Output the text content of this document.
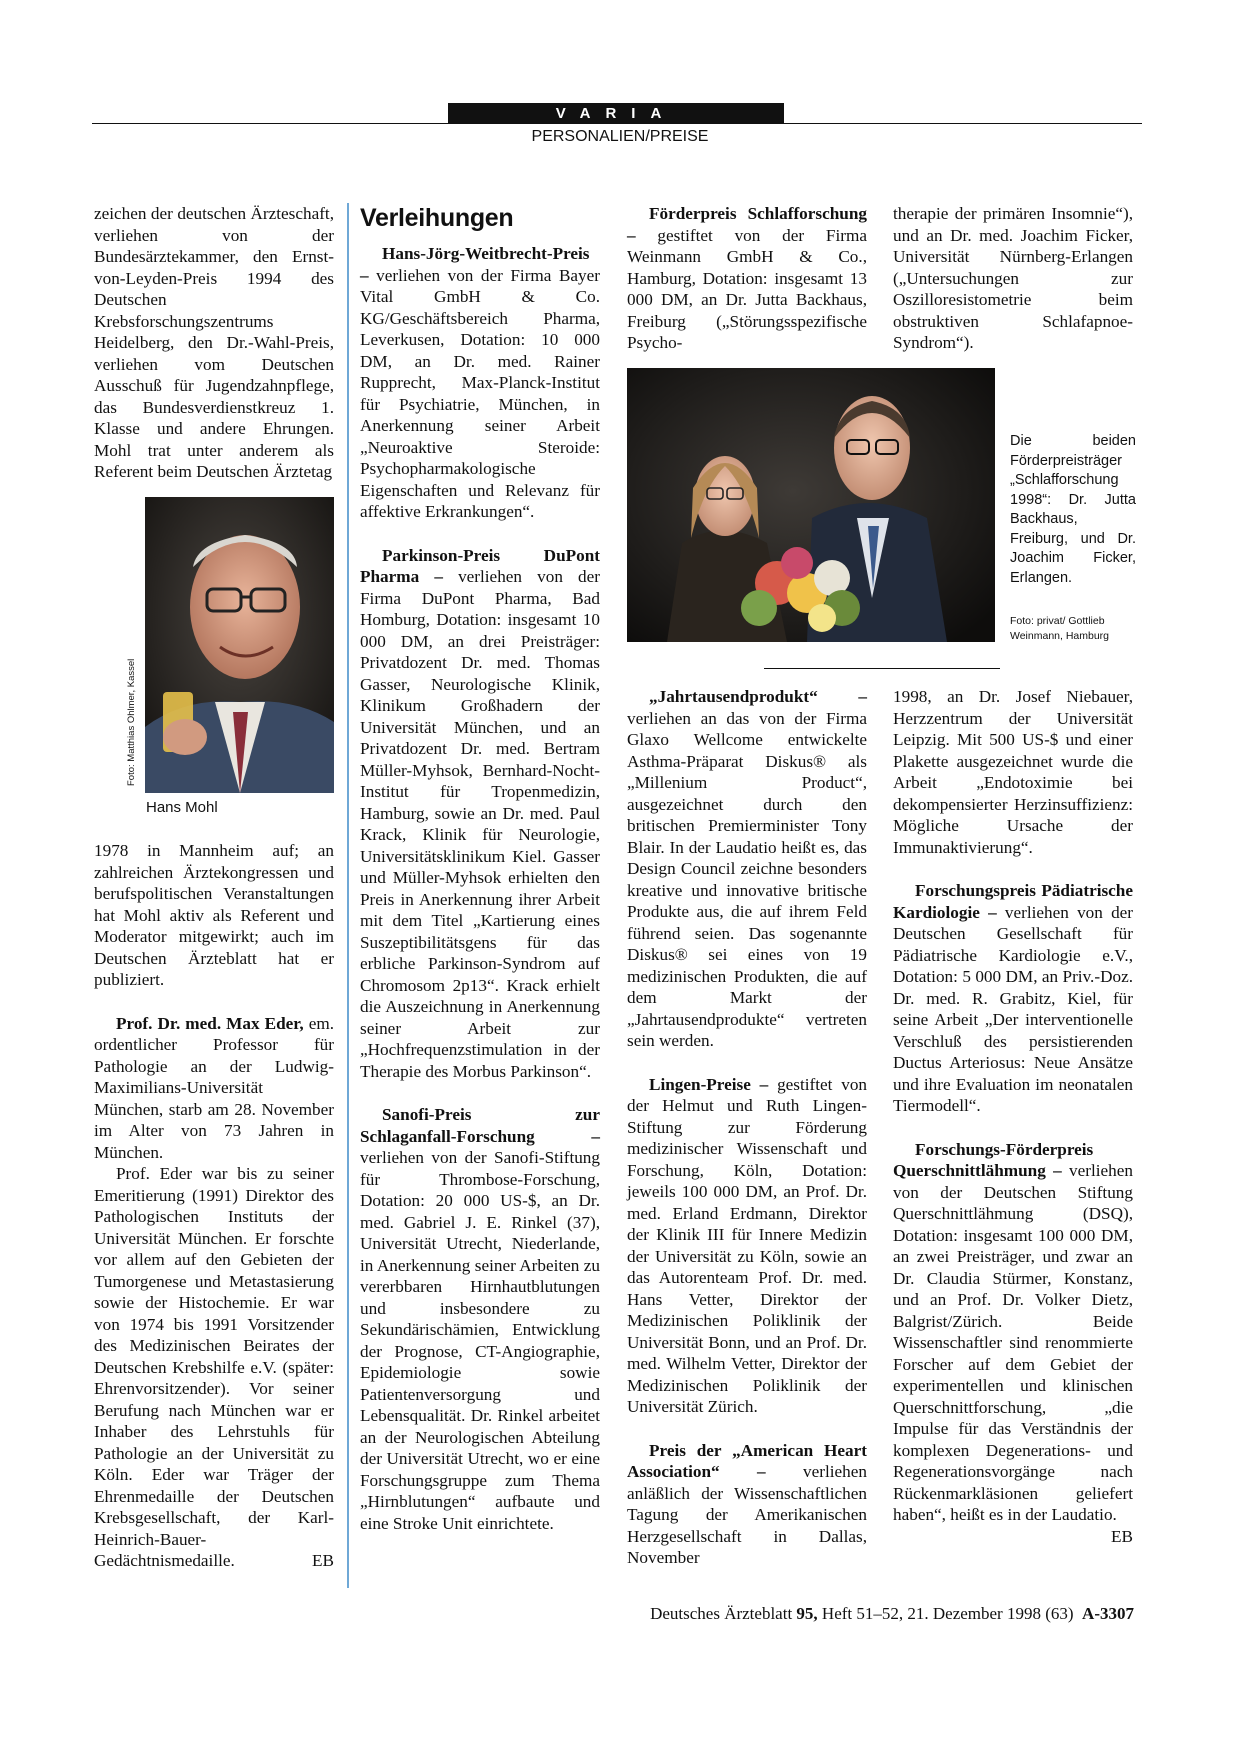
VARIA
PERSONALIEN/PREISE

zeichen der deutschen Ärzteschaft, verliehen von der Bundesärztekammer, den Ernst-von-Leyden-Preis 1994 des Deutschen Krebsforschungszentrums Heidelberg, den Dr.-Wahl-Preis, verliehen vom Deutschen Ausschuß für Jugendzahnpflege, das Bundesverdienstkreuz 1. Klasse und andere Ehrungen. Mohl trat unter anderem als Referent beim Deutschen Ärztetag

Foto: Matthias Ohlmer, Kassel
Hans Mohl

1978 in Mannheim auf; an zahlreichen Ärztekongressen und berufspolitischen Veranstaltungen hat Mohl aktiv als Referent und Moderator mitgewirkt; auch im Deutschen Ärzteblatt hat er publiziert.

Prof. Dr. med. Max Eder, em. ordentlicher Professor für Pathologie an der Ludwig-Maximilians-Universität München, starb am 28. November im Alter von 73 Jahren in München.

Prof. Eder war bis zu seiner Emeritierung (1991) Direktor des Pathologischen Instituts der Universität München. Er forschte vor allem auf den Gebieten der Tumorgenese und Metastasierung sowie der Histochemie. Er war von 1974 bis 1991 Vorsitzender des Medizinischen Beirates der Deutschen Krebshilfe e.V. (später: Ehrenvorsitzender). Vor seiner Berufung nach München war er Inhaber des Lehrstuhls für Pathologie an der Universität zu Köln. Eder war Träger der Ehrenmedaille der Deutschen Krebsgesellschaft, der Karl-Heinrich-Bauer-Gedächtnismedaille.	EB

Verleihungen

Hans-Jörg-Weitbrecht-Preis – verliehen von der Firma Bayer Vital GmbH & Co. KG/Geschäftsbereich Pharma, Leverkusen, Dotation: 10 000 DM, an Dr. med. Rainer Rupprecht, Max-Planck-Institut für Psychiatrie, München, in Anerkennung seiner Arbeit „Neuroaktive Steroide: Psychopharmakologische Eigenschaften und Relevanz für affektive Erkrankungen“.

Parkinson-Preis DuPont Pharma – verliehen von der Firma DuPont Pharma, Bad Homburg, Dotation: insgesamt 10 000 DM, an drei Preisträger: Privatdozent Dr. med. Thomas Gasser, Neurologische Klinik, Klinikum Großhadern der Universität München, und an Privatdozent Dr. med. Bertram Müller-Myhsok, Bernhard-Nocht-Institut für Tropenmedizin, Hamburg, sowie an Dr. med. Paul Krack, Klinik für Neurologie, Universitätsklinikum Kiel. Gasser und Müller-Myhsok erhielten den Preis in Anerkennung ihrer Arbeit mit dem Titel „Kartierung eines Suszeptibilitätsgens für das erbliche Parkinson-Syndrom auf Chromosom 2p13“. Krack erhielt die Auszeichnung in Anerkennung seiner Arbeit zur „Hochfrequenzstimulation in der Therapie des Morbus Parkinson“.

Sanofi-Preis zur Schlaganfall-Forschung – verliehen von der Sanofi-Stiftung für Thrombose-Forschung, Dotation: 20 000 US-$, an Dr. med. Gabriel J. E. Rinkel (37), Universität Utrecht, Niederlande, in Anerkennung seiner Arbeiten zu vererbbaren Hirnhautblutungen und insbesondere zu Sekundärischämien, Entwicklung der Prognose, CT-Angiographie, Epidemiologie sowie Patientenversorgung und Lebensqualität. Dr. Rinkel arbeitet an der Neurologischen Abteilung der Universität Utrecht, wo er eine Forschungsgruppe zum Thema „Hirnblutungen“ aufbaute und eine Stroke Unit einrichtete.

Förderpreis Schlafforschung – gestiftet von der Firma Weinmann GmbH & Co., Hamburg, Dotation: insgesamt 13 000 DM, an Dr. Jutta Backhaus, Freiburg („Störungsspezifische Psycho-

therapie der primären Insomnie“), und an Dr. med. Joachim Ficker, Universität Nürnberg-Erlangen („Untersuchungen zur Oszilloresistometrie beim obstruktiven Schlafapnoe-Syndrom“).

Die beiden Förderpreisträger „Schlafforschung 1998“: Dr. Jutta Backhaus, Freiburg, und Dr. Joachim Ficker, Erlangen.
Foto: privat/ Gottlieb Weinmann, Hamburg

„Jahrtausendprodukt“ – verliehen an das von der Firma Glaxo Wellcome entwickelte Asthma-Präparat Diskus® als „Millenium Product“, ausgezeichnet durch den britischen Premierminister Tony Blair. In der Laudatio heißt es, das Design Council zeichne besonders kreative und innovative britische Produkte aus, die auf ihrem Feld führend seien. Das sogenannte Diskus® sei eines von 19 medizinischen Produkten, die auf dem Markt der „Jahrtausendprodukte“ vertreten sein werden.

Lingen-Preise – gestiftet von der Helmut und Ruth Lingen-Stiftung zur Förderung medizinischer Wissenschaft und Forschung, Köln, Dotation: jeweils 100 000 DM, an Prof. Dr. med. Erland Erdmann, Direktor der Klinik III für Innere Medizin der Universität zu Köln, sowie an das Autorenteam Prof. Dr. med. Hans Vetter, Direktor der Medizinischen Poliklinik der Universität Bonn, und an Prof. Dr. med. Wilhelm Vetter, Direktor der Medizinischen Poliklinik der Universität Zürich.

Preis der „American Heart Association“ – verliehen anläßlich der Wissenschaftlichen Tagung der Amerikanischen Herzgesellschaft in Dallas, November

1998, an Dr. Josef Niebauer, Herzzentrum der Universität Leipzig. Mit 500 US-$ und einer Plakette ausgezeichnet wurde die Arbeit „Endotoximie bei dekompensierter Herzinsuffizienz: Mögliche Ursache der Immunaktivierung“.

Forschungspreis Pädiatrische Kardiologie – verliehen von der Deutschen Gesellschaft für Pädiatrische Kardiologie e.V., Dotation: 5 000 DM, an Priv.-Doz. Dr. med. R. Grabitz, Kiel, für seine Arbeit „Der interventionelle Verschluß des persistierenden Ductus Arteriosus: Neue Ansätze und ihre Evaluation im neonatalen Tiermodell“.

Forschungs-Förderpreis Querschnittlähmung – verliehen von der Deutschen Stiftung Querschnittlähmung (DSQ), Dotation: insgesamt 100 000 DM, an zwei Preisträger, und zwar an Dr. Claudia Stürmer, Konstanz, und an Prof. Dr. Volker Dietz, Balgrist/Zürich. Beide Wissenschaftler sind renommierte Forscher auf dem Gebiet der experimentellen und klinischen Querschnittforschung, „die Impulse für das Verständnis der komplexen Degenerations- und Regenerationsvorgänge nach Rückenmarkläsionen geliefert haben“, heißt es in der Laudatio.
EB

Deutsches Ärzteblatt 95, Heft 51–52, 21. Dezember 1998 (63) A-3307
